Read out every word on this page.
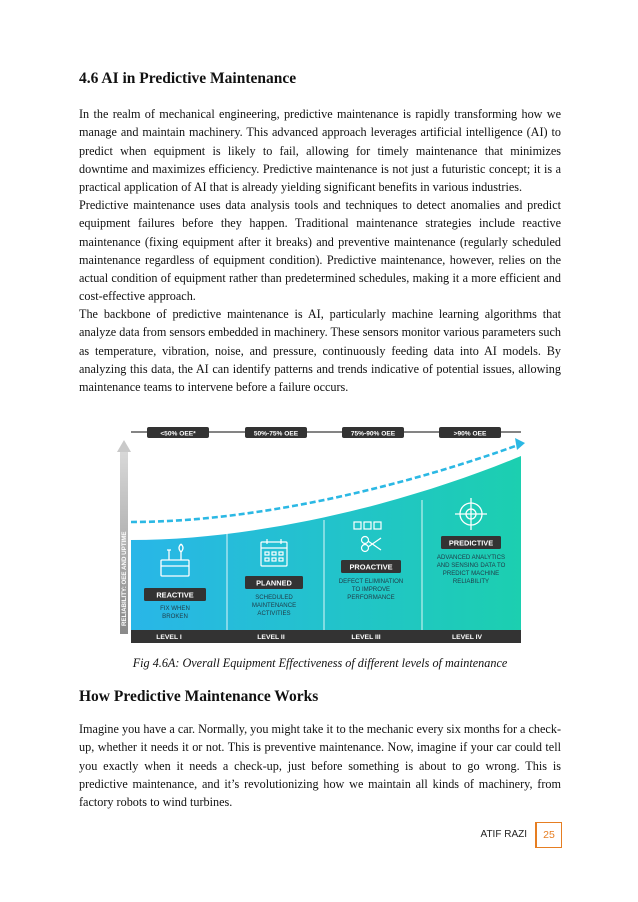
4.6 AI in Predictive Maintenance

In the realm of mechanical engineering, predictive maintenance is rapidly transforming how we manage and maintain machinery. This advanced approach leverages artificial intelligence (AI) to predict when equipment is likely to fail, allowing for timely maintenance that minimizes downtime and maximizes efficiency. Predictive maintenance is not just a futuristic concept; it is a practical application of AI that is already yielding significant benefits in various industries.

Predictive maintenance uses data analysis tools and techniques to detect anomalies and predict equipment failures before they happen. Traditional maintenance strategies include reactive maintenance (fixing equipment after it breaks) and preventive maintenance (regularly scheduled maintenance regardless of equipment condition). Predictive maintenance, however, relies on the actual condition of equipment rather than predetermined schedules, making it a more efficient and cost-effective approach.

The backbone of predictive maintenance is AI, particularly machine learning algorithms that analyze data from sensors embedded in machinery. These sensors monitor various parameters such as temperature, vibration, noise, and pressure, continuously feeding data into AI models. By analyzing this data, the AI can identify patterns and trends indicative of potential issues, allowing maintenance teams to intervene before a failure occurs.

RELIABILITY: OEE AND UPTIME
<50% OEE*	50%-75% OEE	75%-90% OEE	>90% OEE
LEVEL I	LEVEL II	LEVEL III	LEVEL IV
REACTIVE
FIX WHEN
BROKEN
PLANNED
SCHEDULED
MAINTENANCE
ACTIVITIES
PROACTIVE
DEFECT ELIMINATION
TO IMPROVE
PERFORMANCE
PREDICTIVE
ADVANCED ANALYTICS
AND SENSING DATA TO
PREDICT MACHINE
RELIABILITY

Fig 4.6A: Overall Equipment Effectiveness of different levels of maintenance

How Predictive Maintenance Works

Imagine you have a car. Normally, you might take it to the mechanic every six months for a check-up, whether it needs it or not. This is preventive maintenance. Now, imagine if your car could tell you exactly when it needs a check-up, just before something is about to go wrong. This is predictive maintenance, and it’s revolutionizing how we maintain all kinds of machinery, from factory robots to wind turbines.

ATIF RAZI	25
